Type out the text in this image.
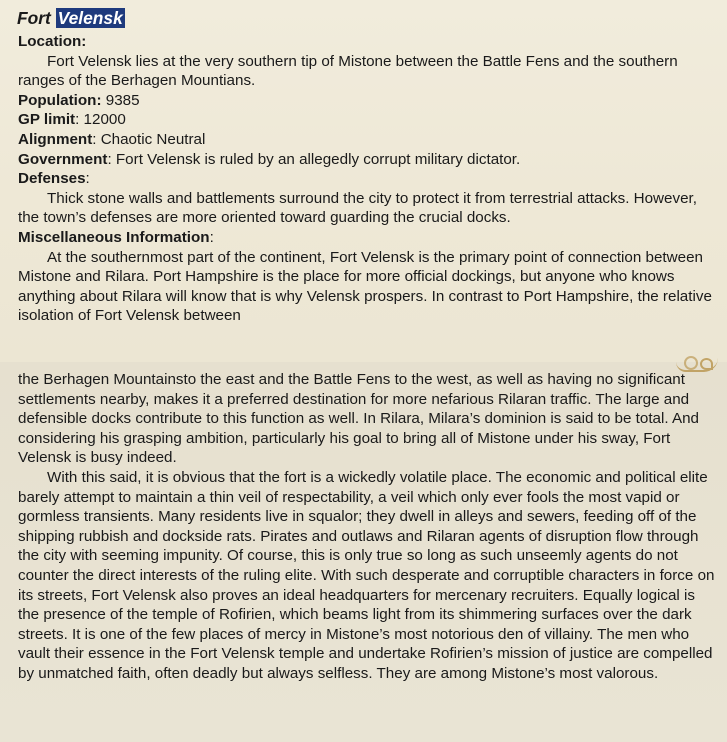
Fort Velensk

Location:

Fort Velensk lies at the very southern tip of Mistone between the Battle Fens and the southern ranges of the Berhagen Mountians.

Population: 9385

GP limit: 12000

Alignment: Chaotic Neutral

Government: Fort Velensk is ruled by an allegedly corrupt military dictator.

Defenses:

Thick stone walls and battlements surround the city to protect it from terrestrial attacks. However, the town’s defenses are more oriented toward guarding the crucial docks.

Miscellaneous Information:

At the southernmost part of the continent, Fort Velensk is the primary point of connection between Mistone and Rilara. Port Hampshire is the place for more official dockings, but anyone who knows anything about Rilara will know that is why Velensk prospers. In contrast to Port Hampshire, the relative isolation of Fort Velensk between

the Berhagen Mountainsto the east and the Battle Fens to the west, as well as having no significant settlements nearby, makes it a preferred destination for more nefarious Rilaran traffic. The large and defensible docks contribute to this function as well. In Rilara, Milara’s dominion is said to be total. And considering his grasping ambition, particularly his goal to bring all of Mistone under his sway, Fort Velensk is busy indeed.

With this said, it is obvious that the fort is a wickedly volatile place. The economic and political elite barely attempt to maintain a thin veil of respectability, a veil which only ever fools the most vapid or gormless transients. Many residents live in squalor; they dwell in alleys and sewers, feeding off of the shipping rubbish and dockside rats. Pirates and outlaws and Rilaran agents of disruption flow through the city with seeming impunity. Of course, this is only true so long as such unseemly agents do not counter the direct interests of the ruling elite. With such desperate and corruptible characters in force on its streets, Fort Velensk also proves an ideal headquarters for mercenary recruiters. Equally logical is the presence of the temple of Rofirien, which beams light from its shimmering surfaces over the dark streets. It is one of the few places of mercy in Mistone’s most notorious den of villainy. The men who vault their essence in the Fort Velensk temple and undertake Rofirien’s mission of justice are compelled by unmatched faith, often deadly but always selfless. They are among Mistone’s most valorous.
